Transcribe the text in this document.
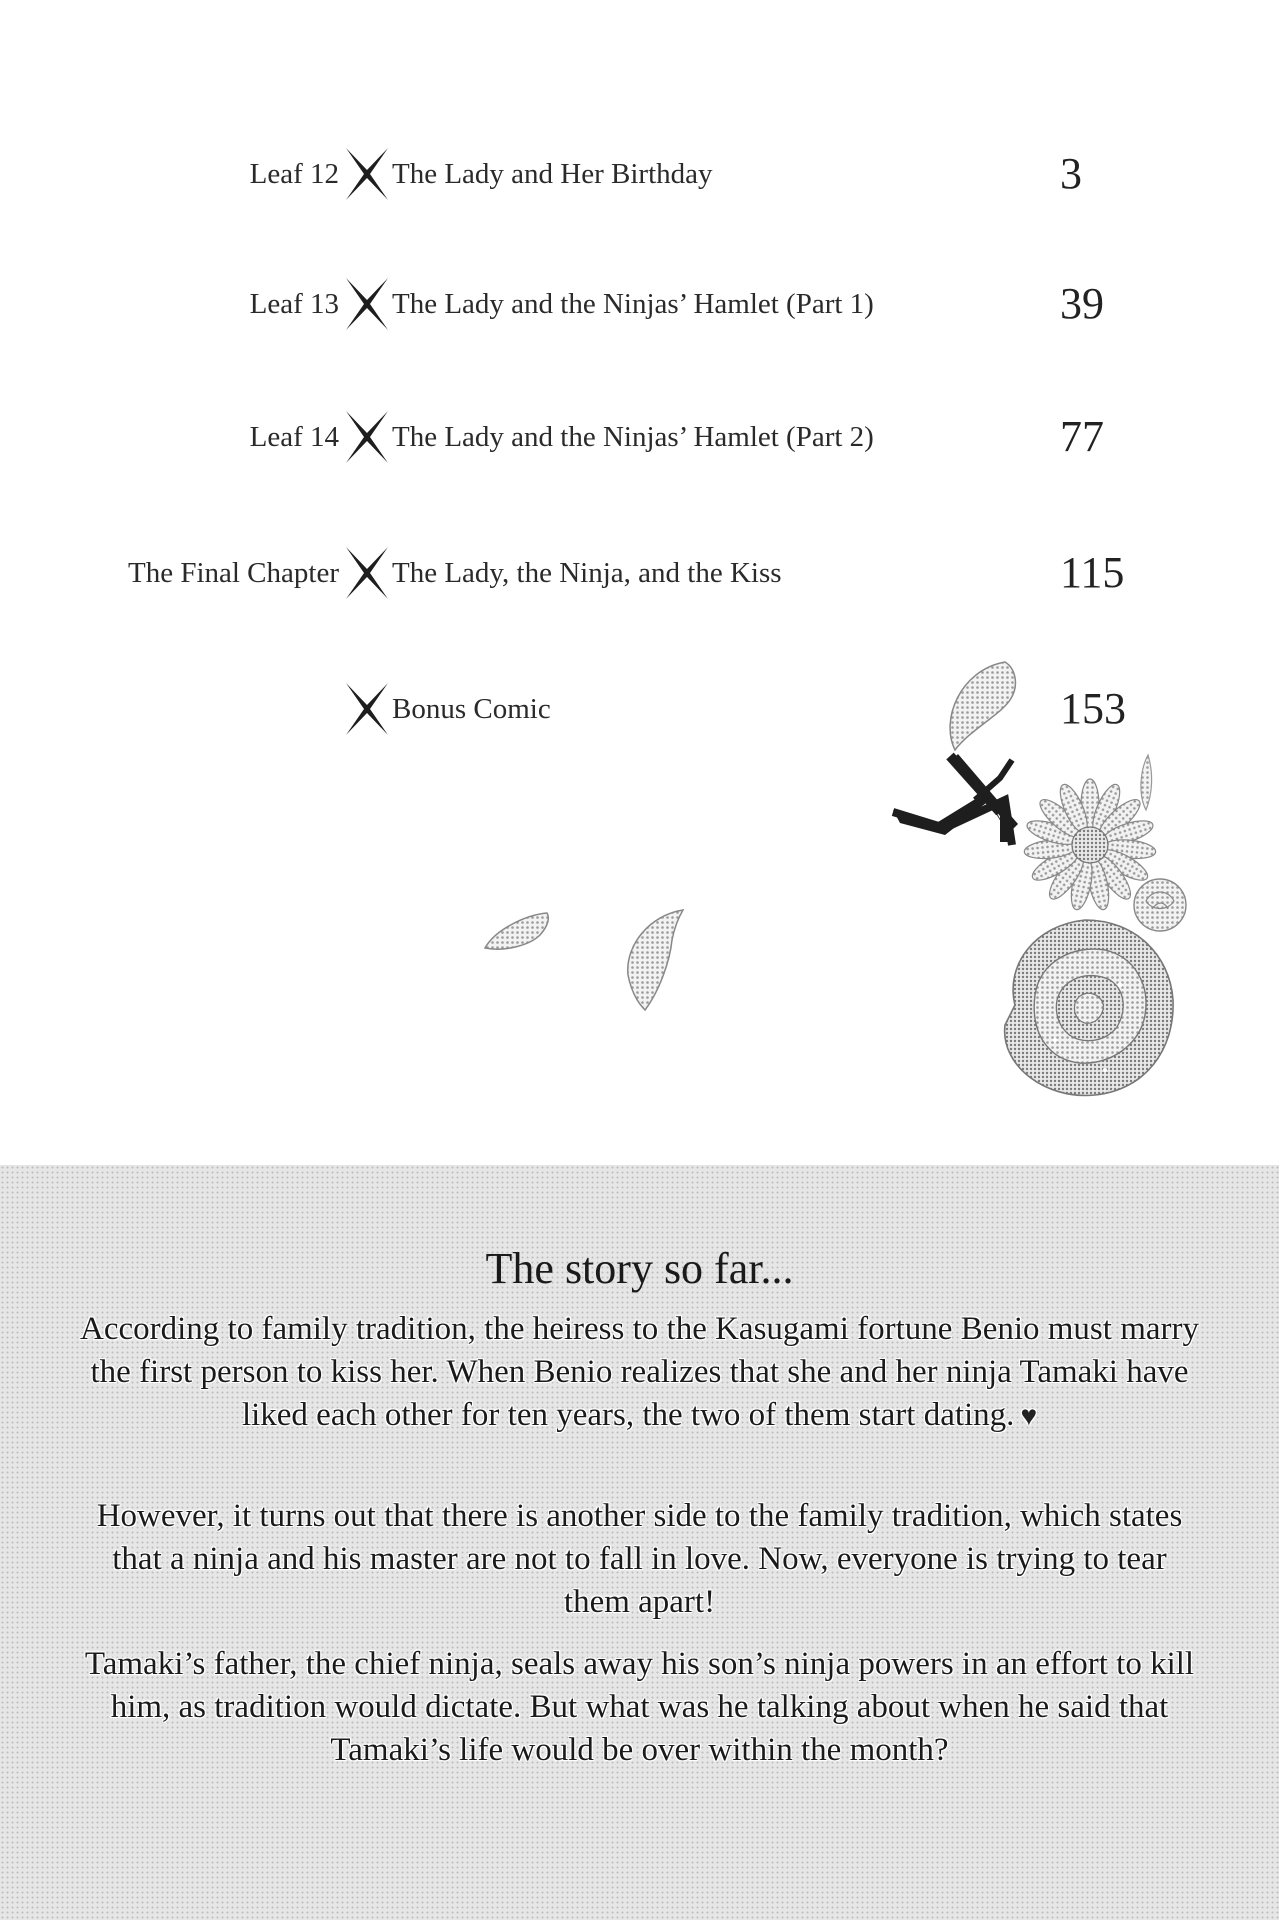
Leaf 12 The Lady and Her Birthday	3
Leaf 13 The Lady and the Ninjas’ Hamlet (Part 1)	39
Leaf 14 The Lady and the Ninjas’ Hamlet (Part 2)	77
The Final Chapter The Lady, the Ninja, and the Kiss	115
Bonus Comic	153
The story so far...
According to family tradition, the heiress to the Kasugami fortune Benio must marry the first person to kiss her. When Benio realizes that she and her ninja Tamaki have liked each other for ten years, the two of them start dating. ♥
However, it turns out that there is another side to the family tradition, which states that a ninja and his master are not to fall in love. Now, everyone is trying to tear them apart!
Tamaki’s father, the chief ninja, seals away his son’s ninja powers in an effort to kill him, as tradition would dictate. But what was he talking about when he said that Tamaki’s life would be over within the month?
